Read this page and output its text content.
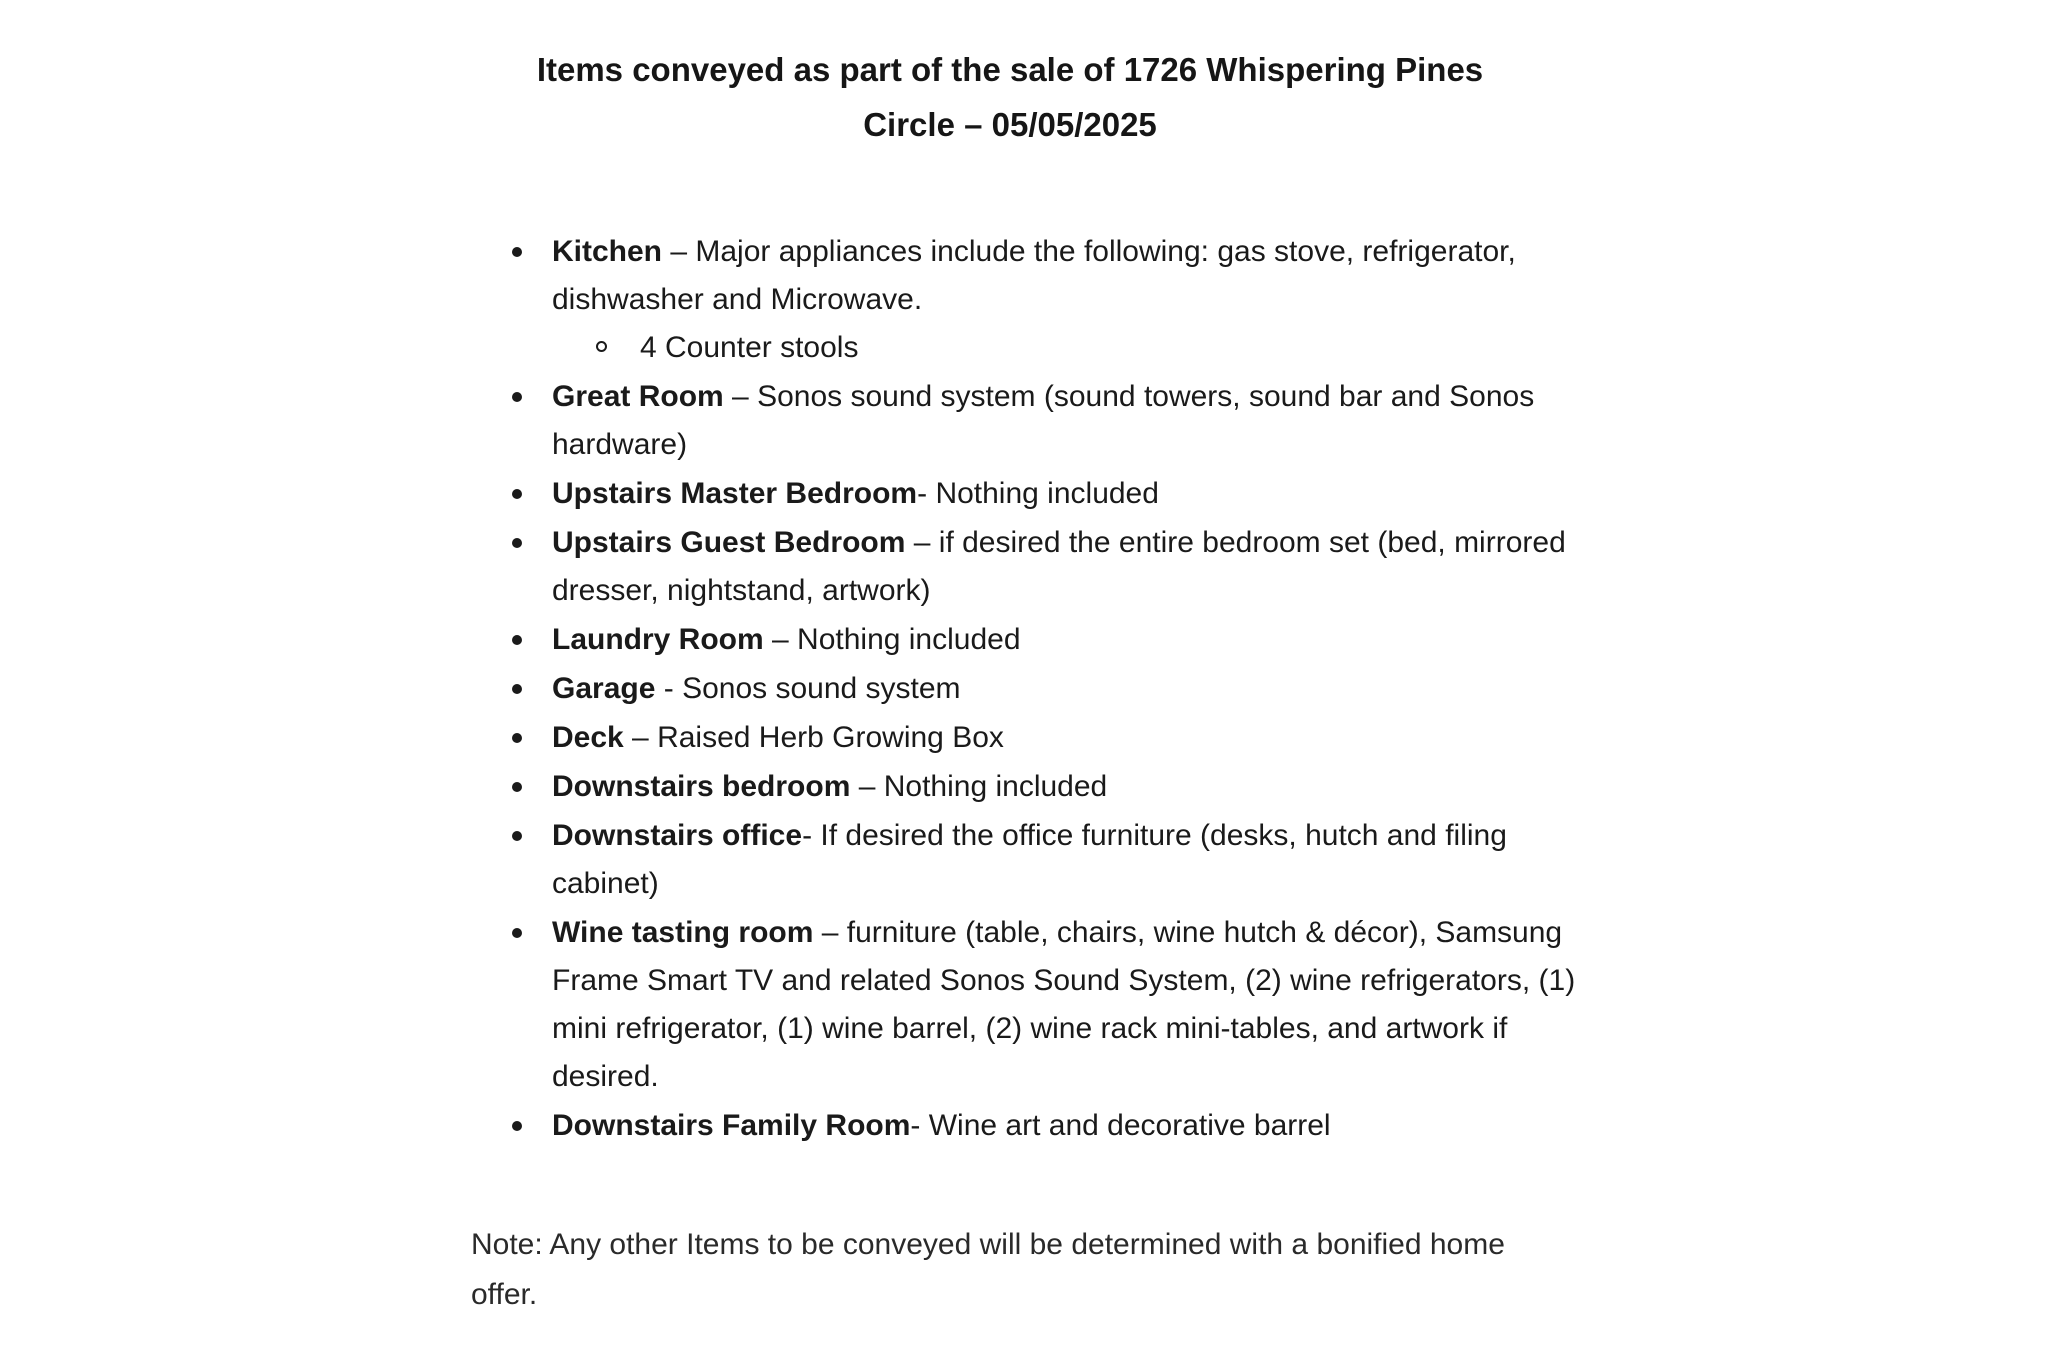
Items conveyed as part of the sale of 1726 Whispering Pines
Circle – 05/05/2025
Kitchen – Major appliances include the following: gas stove, refrigerator, dishwasher and Microwave.
4 Counter stools
Great Room – Sonos sound system (sound towers, sound bar and Sonos hardware)
Upstairs Master Bedroom- Nothing included
Upstairs Guest Bedroom – if desired the entire bedroom set (bed, mirrored dresser, nightstand, artwork)
Laundry Room – Nothing included
Garage - Sonos sound system
Deck – Raised Herb Growing Box
Downstairs bedroom – Nothing included
Downstairs office- If desired the office furniture (desks, hutch and filing cabinet)
Wine tasting room – furniture (table, chairs, wine hutch & décor), Samsung Frame Smart TV and related Sonos Sound System, (2) wine refrigerators, (1) mini refrigerator, (1) wine barrel, (2) wine rack mini-tables, and artwork if desired.
Downstairs Family Room- Wine art and decorative barrel

Note: Any other Items to be conveyed will be determined with a bonified home offer.
